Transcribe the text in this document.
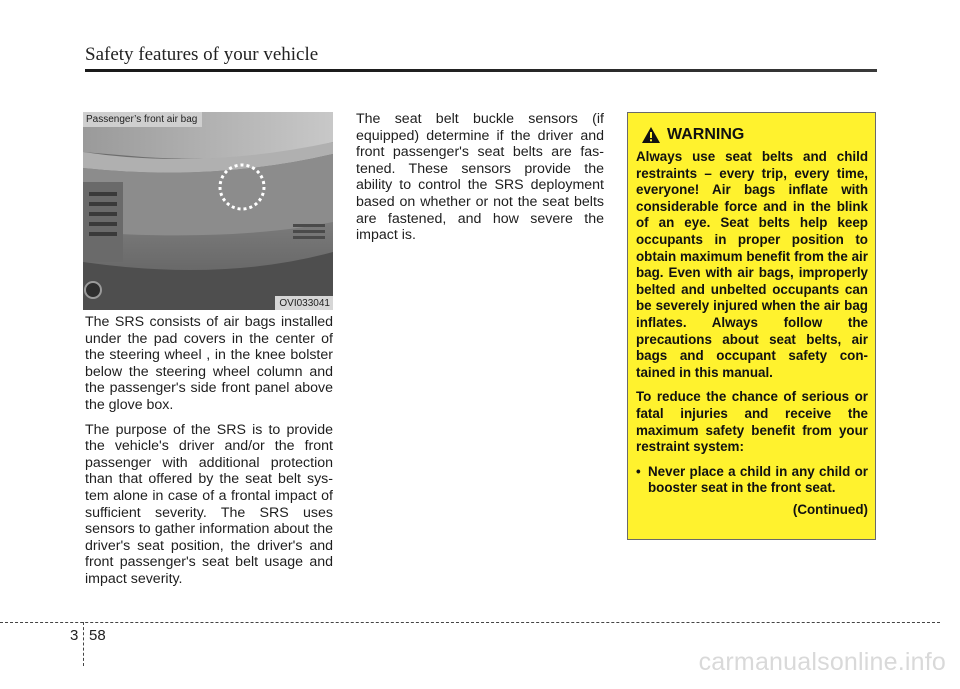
Safety features of your vehicle
Passenger’s front air bag
OVI033041

The SRS consists of air bags installed under the pad covers in the center of the steering wheel , in the knee bolster below the steering wheel column and the passenger's side front panel above the glove box.

The purpose of the SRS is to provide the vehicle's driver and/or the front passenger with additional protection than that offered by the seat belt sys-tem alone in case of a frontal impact of sufficient severity. The SRS uses sensors to gather information about the driver's seat position, the driver's and front passenger's seat belt usage and impact severity.

The seat belt buckle sensors (if equipped) determine if the driver and front passenger's seat belts are fas-tened. These sensors provide the ability to control the SRS deployment based on whether or not the seat belts are fastened, and how severe the impact is.

WARNING

Always use seat belts and child restraints – every trip, every time, everyone! Air bags inflate with considerable force and in the blink of an eye. Seat belts help keep occupants in proper position to obtain maximum benefit from the air bag. Even with air bags, improperly belted and unbelted occupants can be severely injured when the air bag inflates. Always follow the precautions about seat belts, air bags and occupant safety con-tained in this manual.

To reduce the chance of serious or fatal injuries and receive the maximum safety benefit from your restraint system:

• Never place a child in any child or booster seat in the front seat.
(Continued)
3 58
carmanualsonline.info
